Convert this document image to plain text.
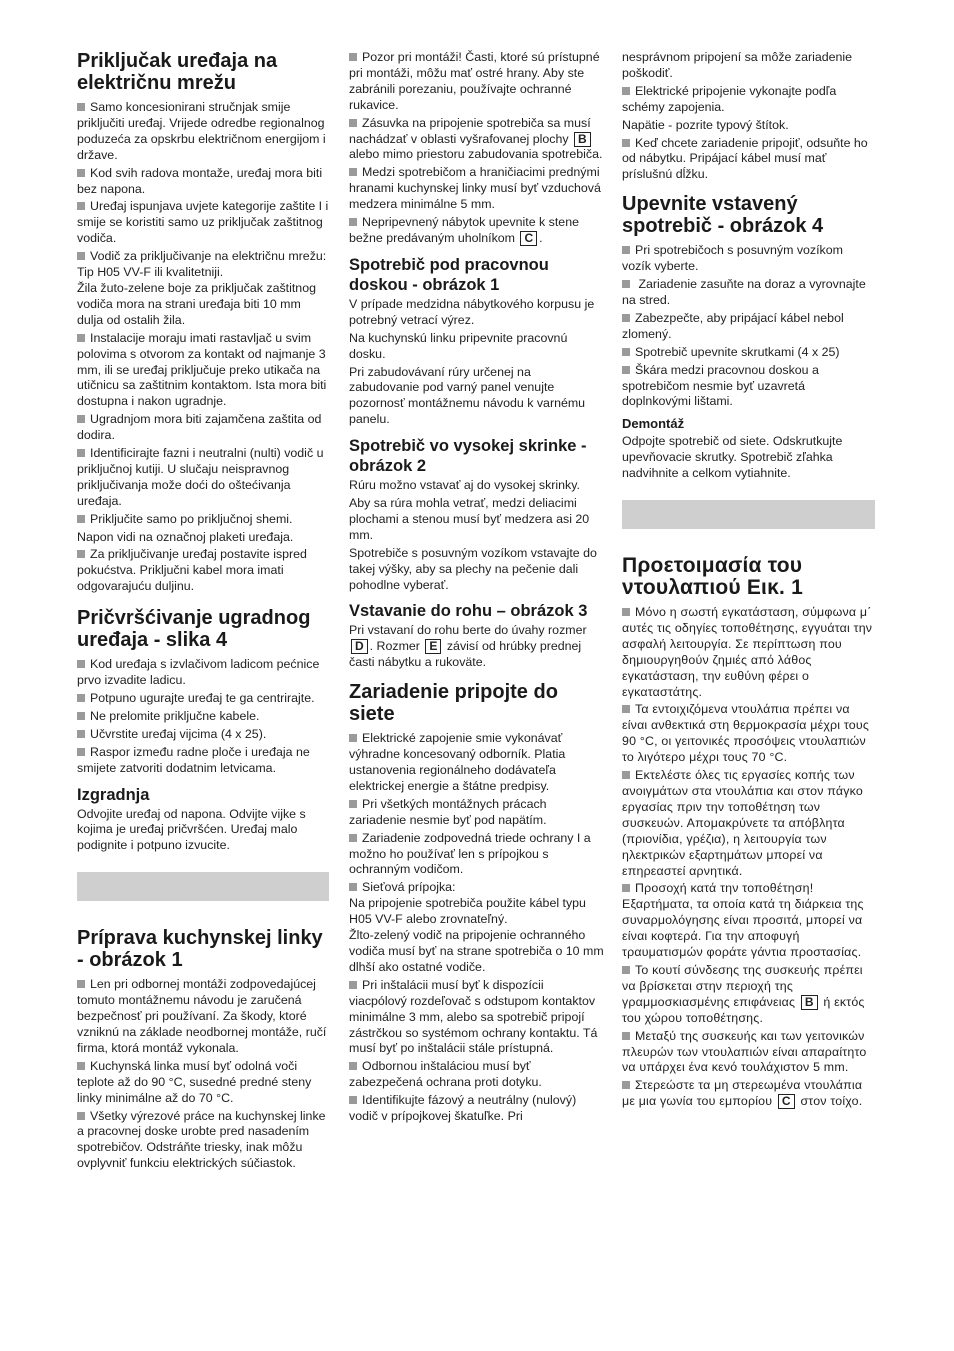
Priključak uređaja na električnu mrežu

Samo koncesionirani stručnjak smije priključiti uređaj. Vrijede odredbe regionalnog poduzeća za opskrbu električnom energijom i države.

Kod svih radova montaže, uređaj mora biti bez napona.

Uređaj ispunjava uvjete kategorije zaštite I i smije se koristiti samo uz priključak zaštitnog vodiča.

Vodič za priključivanje na električnu mrežu:
Tip H05 VV-F ili kvalitetniji.
Žila žuto-zelene boje za priključak zaštitnog vodiča mora na strani uređaja biti 10 mm dulja od ostalih žila.

Instalacije moraju imati rastavljač u svim polovima s otvorom za kontakt od najmanje 3 mm, ili se uređaj priključuje preko utikača na utičnicu sa zaštitnim kontaktom. Ista mora biti dostupna i nakon ugradnje.

Ugradnjom mora biti zajamčena zaštita od dodira.

Identificirajte fazni i neutralni (nulti) vodič u priključnoj kutiji. U slučaju neispravnog priključivanja može doći do oštećivanja uređaja.

Priključite samo po priključnoj shemi.

Napon vidi na označnoj plaketi uređaja.

Za priključivanje uređaj postavite ispred pokućstva. Priključni kabel mora imati odgovarajuću duljinu.

Pričvršćivanje ugradnog uređaja - slika 4

Kod uređaja s izvlačivom ladicom pećnice prvo izvadite ladicu.

Potpuno ugurajte uređaj te ga centrirajte.

Ne prelomite priključne kabele.

Učvrstite uređaj vijcima (4 x 25).

Raspor između radne ploče i uređaja ne smijete zatvoriti dodatnim letvicama.

Izgradnja

Odvojite uređaj od napona. Odvijte vijke s kojima je uređaj pričvršćen. Uređaj malo podignite i potpuno izvucite.

Príprava kuchynskej linky - obrázok 1

Len pri odbornej montáži zodpovedajúcej tomuto montážnemu návodu je zaručená bezpečnosť pri používaní. Za škody, ktoré vzniknú na základe neodbornej montáže, ručí firma, ktorá montáž vykonala.

Kuchynská linka musí byť odolná voči teplote až do 90 °C, susedné predné steny linky minimálne až do 70 °C.

Všetky výrezové práce na kuchynskej linke a pracovnej doske urobte pred nasadením spotrebičov. Odstráňte triesky, inak môžu ovplyvniť funkciu elektrických súčiastok.

Pozor pri montáži! Časti, ktoré sú prístupné pri montáži, môžu mať ostré hrany. Aby ste zabránili porezaniu, používajte ochranné rukavice.

Zásuvka na pripojenie spotrebiča sa musí nachádzať v oblasti vyšrafovanej plochy B alebo mimo priestoru zabudovania spotrebiča.

Medzi spotrebičom a hraničiacimi prednými hranami kuchynskej linky musí byť vzduchová medzera minimálne 5 mm.

Nepripevnený nábytok upevnite k stene bežne predávaným uholníkom C .

Spotrebič pod pracovnou doskou - obrázok 1

V prípade medzidna nábytkového korpusu je potrebný vetrací výrez.

Na kuchynskú linku pripevnite pracovnú dosku.

Pri zabudovávaní rúry určenej na zabudovanie pod varný panel venujte pozornosť montážnemu návodu k varnému panelu.

Spotrebič vo vysokej skrinke - obrázok 2

Rúru možno vstavať aj do vysokej skrinky.

Aby sa rúra mohla vetrať, medzi deliacimi plochami a stenou musí byť medzera asi 20 mm.

Spotrebiče s posuvným vozíkom vstavajte do takej výšky, aby sa plechy na pečenie dali pohodlne vyberať.

Vstavanie do rohu – obrázok 3

Pri vstavaní do rohu berte do úvahy rozmer D . Rozmer E závisí od hrúbky prednej časti nábytku a rukoväte.

Zariadenie pripojte do siete

Elektrické zapojenie smie vykonávať výhradne koncesovaný odborník. Platia ustanovenia regionálneho dodávateľa elektrickej energie a štátne predpisy.

Pri všetkých montážnych prácach zariadenie nesmie byť pod napätím.

Zariadenie zodpovedná triede ochrany I a možno ho používať len s prípojkou s ochranným vodičom.

Sieťová prípojka:
Na pripojenie spotrebiča použite kábel typu H05 VV-F alebo zrovnateľný.
Žlto-zelený vodič na pripojenie ochranného vodiča musí byť na strane spotrebiča o 10 mm dlhší ako ostatné vodiče.

Pri inštalácii musí byť k dispozícii viacpólový rozdeľovač s odstupom kontaktov minimálne 3 mm, alebo sa spotrebič pripojí zástrčkou so systémom ochrany kontaktu. Tá musí byť po inštalácii stále prístupná.

Odbornou inštaláciou musí byť zabezpečená ochrana proti dotyku.

Identifikujte fázový a neutrálny (nulový) vodič v prípojkovej škatuľke. Pri

nesprávnom pripojení sa môže zariadenie poškodiť.

Elektrické pripojenie vykonajte podľa schémy zapojenia.

Napätie - pozrite typový štítok.

Keď chcete zariadenie pripojiť, odsuňte ho od nábytku. Pripájací kábel musí mať príslušnú dĺžku.

Upevnite vstavený spotrebič - obrázok 4

Pri spotrebičoch s posuvným vozíkom vozík vyberte.

Zariadenie zasuňte na doraz a vyrovnajte na stred.

Zabezpečte, aby pripájací kábel nebol zlomený.

Spotrebič upevnite skrutkami (4 x 25)

Škára medzi pracovnou doskou a spotrebičom nesmie byť uzavretá doplnkovými lištami.

Demontáž

Odpojte spotrebič od siete. Odskrutkujte upevňovacie skrutky. Spotrebič zľahka nadvihnite a celkom vytiahnite.

Προετοιμασία του ντουλαπιού Εικ. 1

Μόνο η σωστή εγκατάσταση, σύμφωνα μ΄ αυτές τις οδηγίες τοποθέτησης, εγγυάται την ασφαλή λειτουργία. Σε περίπτωση που δημιουργηθούν ζημιές από λάθος εγκατάσταση, την ευθύνη φέρει ο εγκαταστάτης.

Τα εντοιχιζόμενα ντουλάπια πρέπει να είναι ανθεκτικά στη θερμοκρασία μέχρι τους 90 °C, οι γειτονικές προσόψεις ντουλαπιών το λιγότερο μέχρι τους 70 °C.

Εκτελέστε όλες τις εργασίες κοπής των ανοιγμάτων στα ντουλάπια και στον πάγκο εργασίας πριν την τοποθέτηση των συσκευών. Απομακρύνετε τα απόβλητα (πριονίδια, γρέζια), η λειτουργία των ηλεκτρικών εξαρτημάτων μπορεί να επηρεαστεί αρνητικά.

Προσοχή κατά την τοποθέτηση! Εξαρτήματα, τα οποία κατά τη διάρκεια της συναρμολόγησης είναι προσιτά, μπορεί να είναι κοφτερά. Για την αποφυγή τραυματισμών φοράτε γάντια προστασίας.

Το κουτί σύνδεσης της συσκευής πρέπει να βρίσκεται στην περιοχή της γραμμοσκιασμένης επιφάνειας B ή εκτός του χώρου τοποθέτησης.

Μεταξύ της συσκευής και των γειτονικών πλευρών των ντουλαπιών είναι απαραίτητο να υπάρχει ένα κενό τουλάχιστον 5 mm.

Στερεώστε τα μη στερεωμένα ντουλάπια με μια γωνία του εμπορίου C στον τοίχο.
